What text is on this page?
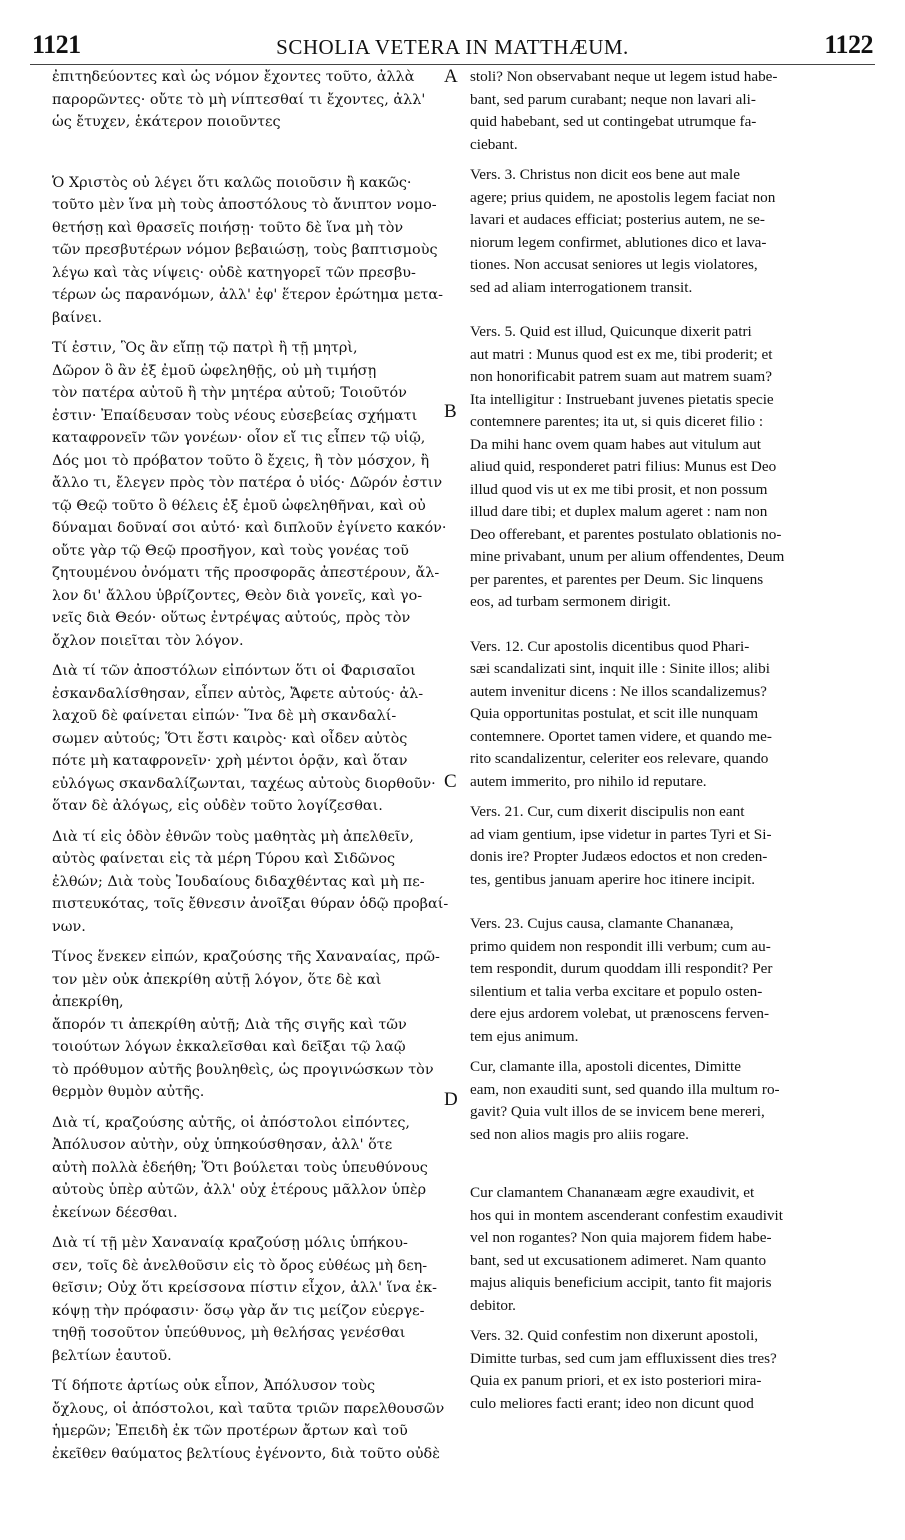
1121	SCHOLIA VETERA IN MATTHÆUM.	1122
A
B
C
D

ἐπιτηδεύοντες καὶ ὡς νόμον ἔχοντες τοῦτο, ἀλλὰ
παρορῶντες· οὔτε τὸ μὴ νίπτεσθαί τι ἔχοντες, ἀλλ'
ὡς ἔτυχεν, ἑκάτερον ποιοῦντες

Ὁ Χριστὸς οὐ λέγει ὅτι καλῶς ποιοῦσιν ἢ κακῶς·
τοῦτο μὲν ἵνα μὴ τοὺς ἀποστόλους τὸ ἄνιπτον νομο-
θετήσῃ καὶ θρασεῖς ποιήσῃ· τοῦτο δὲ ἵνα μὴ τὸν
τῶν πρεσβυτέρων νόμον βεβαιώσῃ, τοὺς βαπτισμοὺς
λέγω καὶ τὰς νίψεις· οὐδὲ κατηγορεῖ τῶν πρεσβυ-
τέρων ὡς παρανόμων, ἀλλ' ἐφ' ἕτερον ἐρώτημα μετα-
βαίνει.

Τί ἐστιν, Ὃς ἂν εἴπῃ τῷ πατρὶ ἢ τῇ μητρὶ,
Δῶρον ὃ ἂν ἐξ ἐμοῦ ὠφεληθῇς, οὐ μὴ τιμήσῃ
τὸν πατέρα αὐτοῦ ἢ τὴν μητέρα αὐτοῦ; Τοιοῦτόν
ἐστιν· Ἐπαίδευσαν τοὺς νέους εὐσεβείας σχήματι
καταφρονεῖν τῶν γονέων· οἷον εἴ τις εἶπεν τῷ υἱῷ,
Δός μοι τὸ πρόβατον τοῦτο ὃ ἔχεις, ἢ τὸν μόσχον, ἢ
ἄλλο τι, ἔλεγεν πρὸς τὸν πατέρα ὁ υἱός· Δῶρόν ἐστιν
τῷ Θεῷ τοῦτο ὃ θέλεις ἐξ ἐμοῦ ὠφεληθῆναι, καὶ οὐ
δύναμαι δοῦναί σοι αὐτό· καὶ διπλοῦν ἐγίνετο κακόν·
οὔτε γὰρ τῷ Θεῷ προσῆγον, καὶ τοὺς γονέας τοῦ
ζητουμένου ὀνόματι τῆς προσφορᾶς ἀπεστέρουν, ἄλ-
λον δι' ἄλλου ὑβρίζοντες, Θεὸν διὰ γονεῖς, καὶ γο-
νεῖς διὰ Θεόν· οὕτως ἐντρέψας αὐτούς, πρὸς τὸν
ὄχλον ποιεῖται τὸν λόγον.

Διὰ τί τῶν ἀποστόλων εἰπόντων ὅτι οἱ Φαρισαῖοι
ἐσκανδαλίσθησαν, εἶπεν αὐτὸς, Ἄφετε αὐτούς· ἀλ-
λαχοῦ δὲ φαίνεται εἰπών· Ἵνα δὲ μὴ σκανδαλί-
σωμεν αὐτούς; Ὅτι ἔστι καιρὸς· καὶ οἶδεν αὐτὸς
πότε μὴ καταφρονεῖν· χρὴ μέντοι ὁρᾷν, καὶ ὅταν
εὐλόγως σκανδαλίζωνται, ταχέως αὐτοὺς διορθοῦν·
ὅταν δὲ ἀλόγως, εἰς οὐδὲν τοῦτο λογίζεσθαι.

Διὰ τί εἰς ὁδὸν ἐθνῶν τοὺς μαθητὰς μὴ ἀπελθεῖν,
αὐτὸς φαίνεται εἰς τὰ μέρη Τύρου καὶ Σιδῶνος
ἐλθών; Διὰ τοὺς Ἰουδαίους διδαχθέντας καὶ μὴ πε-
πιστευκότας, τοῖς ἔθνεσιν ἀνοῖξαι θύραν ὁδῷ προβαί-
νων.

Τίνος ἕνεκεν εἰπών, κραζούσης τῆς Χαναναίας, πρῶ-
τον μὲν οὐκ ἀπεκρίθη αὐτῇ λόγον, ὅτε δὲ καὶ ἀπεκρίθη,
ἄπορόν τι ἀπεκρίθη αὐτῇ; Διὰ τῆς σιγῆς καὶ τῶν
τοιούτων λόγων ἐκκαλεῖσθαι καὶ δεῖξαι τῷ λαῷ
τὸ πρόθυμον αὐτῆς βουληθεὶς, ὡς προγινώσκων τὸν
θερμὸν θυμὸν αὐτῆς.

Διὰ τί, κραζούσης αὐτῆς, οἱ ἀπόστολοι εἰπόντες,
Ἀπόλυσον αὐτὴν, οὐχ ὑπηκούσθησαν, ἀλλ' ὅτε
αὐτὴ πολλὰ ἐδεήθη; Ὅτι βούλεται τοὺς ὑπευθύνους
αὐτοὺς ὑπὲρ αὐτῶν, ἀλλ' οὐχ ἑτέρους μᾶλλον ὑπὲρ
ἐκείνων δέεσθαι.

Διὰ τί τῇ μὲν Χαναναίᾳ κραζούσῃ μόλις ὑπήκου-
σεν, τοῖς δὲ ἀνελθοῦσιν εἰς τὸ ὄρος εὐθέως μὴ δεη-
θεῖσιν; Οὐχ ὅτι κρείσσονα πίστιν εἶχον, ἀλλ' ἵνα ἐκ-
κόψῃ τὴν πρόφασιν· ὅσῳ γὰρ ἄν τις μείζον εὐεργε-
τηθῇ τοσοῦτον ὑπεύθυνος, μὴ θελήσας γενέσθαι
βελτίων ἑαυτοῦ.

Τί δήποτε ἀρτίως οὐκ εἶπον, Ἀπόλυσον τοὺς
ὄχλους, οἱ ἀπόστολοι, καὶ ταῦτα τριῶν παρελθουσῶν
ἡμερῶν; Ἐπειδὴ ἐκ τῶν προτέρων ἄρτων καὶ τοῦ
ἐκεῖθεν θαύματος βελτίους ἐγένοντο, διὰ τοῦτο οὐδὲ

stoli? Non observabant neque ut legem istud habe-
bant, sed parum curabant; neque non lavari ali-
quid habebant, sed ut contingebat utrumque fa-
ciebant.

Vers. 3. Christus non dicit eos bene aut male
agere; prius quidem, ne apostolis legem faciat non
lavari et audaces efficiat; posterius autem, ne se-
niorum legem confirmet, ablutiones dico et lava-
tiones. Non accusat seniores ut legis violatores,
sed ad aliam interrogationem transit.

Vers. 5. Quid est illud, Quicunque dixerit patri
aut matri : Munus quod est ex me, tibi proderit; et
non honorificabit patrem suam aut matrem suam?
Ita intelligitur : Instruebant juvenes pietatis specie
contemnere parentes; ita ut, si quis diceret filio :
Da mihi hanc ovem quam habes aut vitulum aut
aliud quid, responderet patri filius: Munus est Deo
illud quod vis ut ex me tibi prosit, et non possum
illud dare tibi; et duplex malum ageret : nam non
Deo offerebant, et parentes postulato oblationis no-
mine privabant, unum per alium offendentes, Deum
per parentes, et parentes per Deum. Sic linquens
eos, ad turbam sermonem dirigit.

Vers. 12. Cur apostolis dicentibus quod Phari-
sæi scandalizati sint, inquit ille : Sinite illos; alibi
autem invenitur dicens : Ne illos scandalizemus?
Quia opportunitas postulat, et scit ille nunquam
contemnere. Oportet tamen videre, et quando me-
rito scandalizentur, celeriter eos relevare, quando
autem immerito, pro nihilo id reputare.

Vers. 21. Cur, cum dixerit discipulis non eant
ad viam gentium, ipse videtur in partes Tyri et Si-
donis ire? Propter Judæos edoctos et non creden-
tes, gentibus januam aperire hoc itinere incipit.

Vers. 23. Cujus causa, clamante Chananæa,
primo quidem non respondit illi verbum; cum au-
tem respondit, durum quoddam illi respondit? Per
silentium et talia verba excitare et populo osten-
dere ejus ardorem volebat, ut prænoscens ferven-
tem ejus animum.

Cur, clamante illa, apostoli dicentes, Dimitte
eam, non exauditi sunt, sed quando illa multum ro-
gavit? Quia vult illos de se invicem bene mereri,
sed non alios magis pro aliis rogare.

Cur clamantem Chananæam ægre exaudivit, et
hos qui in montem ascenderant confestim exaudivit
vel non rogantes? Non quia majorem fidem habe-
bant, sed ut excusationem adimeret. Nam quanto
majus aliquis beneficium accipit, tanto fit majoris
debitor.

Vers. 32. Quid confestim non dixerunt apostoli,
Dimitte turbas, sed cum jam effluxissent dies tres?
Quia ex panum priori, et ex isto posteriori mira-
culo meliores facti erant; ideo non dicunt quod
